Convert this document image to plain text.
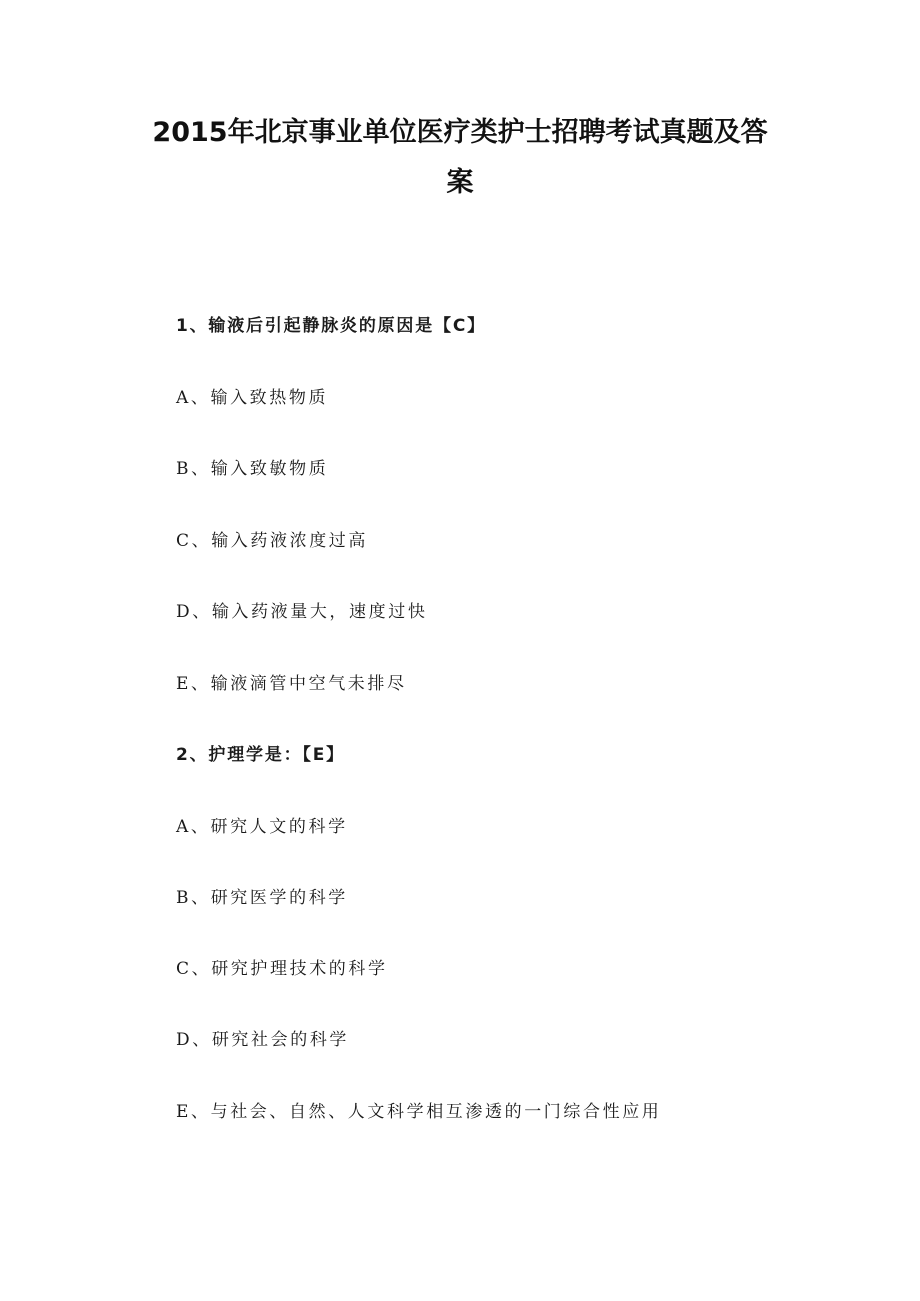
2015年北京事业单位医疗类护士招聘考试真题及答
案
1、输液后引起静脉炎的原因是【C】
A、输入致热物质
B、输入致敏物质
C、输入药液浓度过高
D、输入药液量大，速度过快
E、输液滴管中空气未排尽
2、护理学是：【E】
A、研究人文的科学
B、研究医学的科学
C、研究护理技术的科学
D、研究社会的科学
E、与社会、自然、人文科学相互渗透的一门综合性应用
